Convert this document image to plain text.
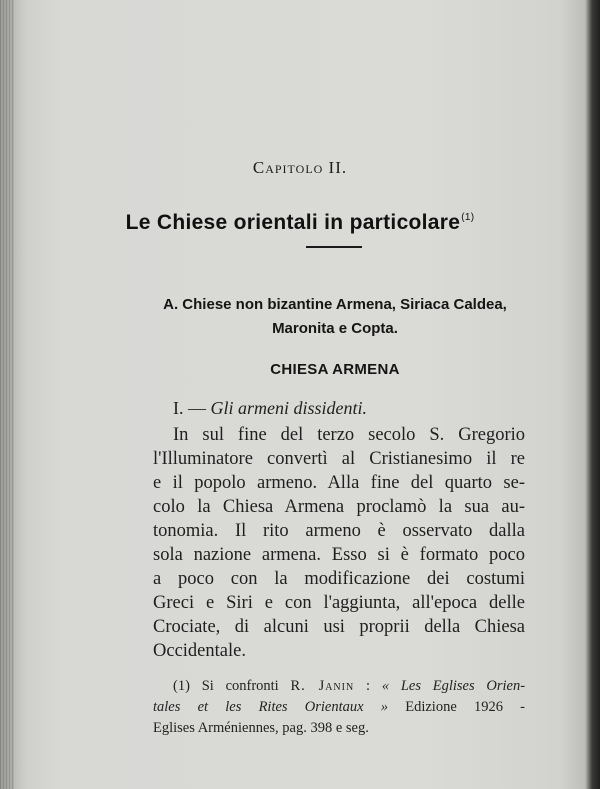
Capitolo II.
Le Chiese orientali in particolare$^{(1)}$
A. Chiese non bizantine Armena, Siriaca Caldea,
Maronita e Copta.
CHIESA ARMENA
I. — Gli armeni dissidenti.
In sul fine del terzo secolo S. Gregorio
l'Illuminatore convertì al Cristianesimo il re
e il popolo armeno. Alla fine del quarto se-
colo la Chiesa Armena proclamò la sua au-
tonomia. Il rito armeno è osservato dalla
sola nazione armena. Esso si è formato poco
a poco con la modificazione dei costumi
Greci e Siri e con l'aggiunta, all'epoca delle
Crociate, di alcuni usi proprii della Chiesa
Occidentale.
(1) Si confronti R. Janin : « Les Eglises Orien-
tales et les Rites Orientaux » Edizione 1926 -
Eglises Arméniennes, pag. 398 e seg.
